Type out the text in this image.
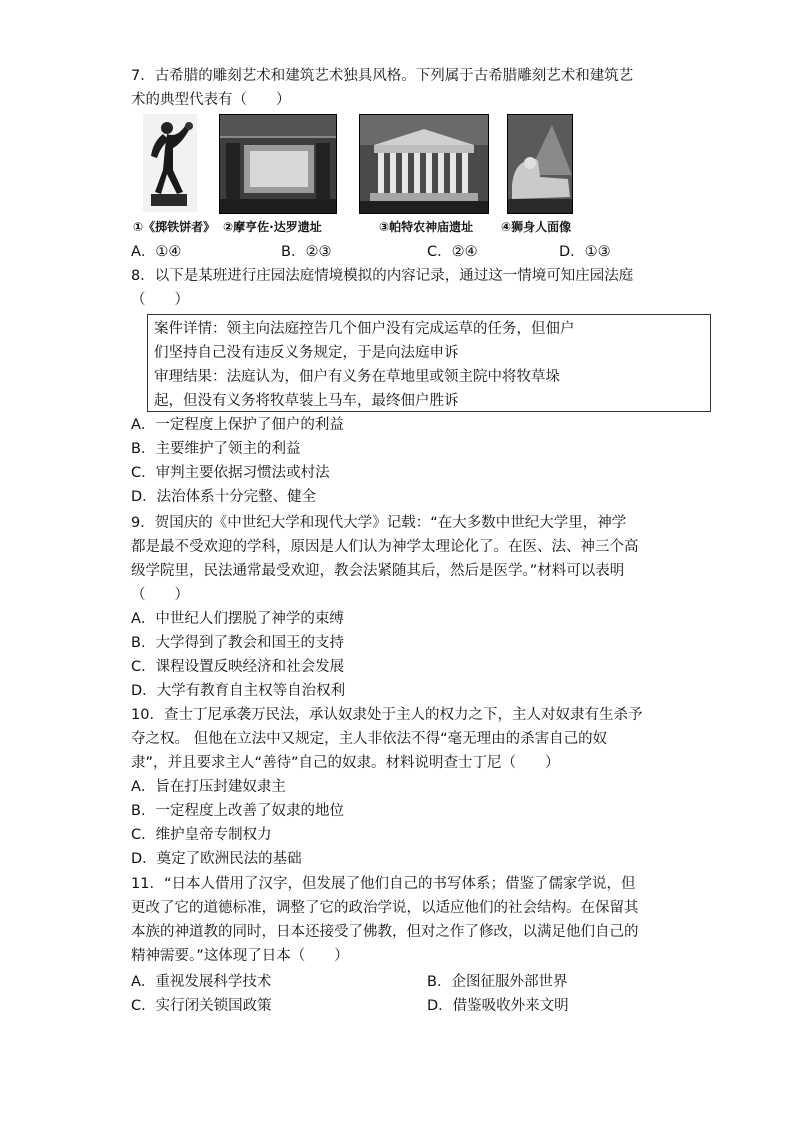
7．古希腊的雕刻艺术和建筑艺术独具风格。下列属于古希腊雕刻艺术和建筑艺
术的典型代表有（　　）
①《掷铁饼者》 ②摩亨佐·达罗遗址	③帕特农神庙遗址 ④狮身人面像
A．①④	B．②③	C．②④	D．①③
8．以下是某班进行庄园法庭情境模拟的内容记录，通过这一情境可知庄园法庭
（　　）
案件详情：领主向法庭控告几个佃户没有完成运草的任务，但佃户
们坚持自己没有违反义务规定，于是向法庭申诉
审理结果：法庭认为，佃户有义务在草地里或领主院中将牧草垛
起，但没有义务将牧草装上马车，最终佃户胜诉
A．一定程度上保护了佃户的利益
B．主要维护了领主的利益
C．审判主要依据习惯法或村法
D．法治体系十分完整、健全
9．贺国庆的《中世纪大学和现代大学》记载：“在大多数中世纪大学里，神学
都是最不受欢迎的学科，原因是人们认为神学太理论化了。在医、法、神三个高
级学院里，民法通常最受欢迎，教会法紧随其后，然后是医学。”材料可以表明
（　　）
A．中世纪人们摆脱了神学的束缚
B．大学得到了教会和国王的支持
C．课程设置反映经济和社会发展
D．大学有教育自主权等自治权利
10．查士丁尼承袭万民法，承认奴隶处于主人的权力之下，主人对奴隶有生杀予
夺之权。 但他在立法中又规定，主人非依法不得“毫无理由的杀害自己的奴
隶”，并且要求主人“善待”自己的奴隶。材料说明查士丁尼（　　）
A．旨在打压封建奴隶主
B．一定程度上改善了奴隶的地位
C．维护皇帝专制权力
D．奠定了欧洲民法的基础
11．“日本人借用了汉字，但发展了他们自己的书写体系；借鉴了儒家学说，但
更改了它的道德标准，调整了它的政治学说，以适应他们的社会结构。在保留其
本族的神道教的同时，日本还接受了佛教，但对之作了修改，以满足他们自己的
精神需要。”这体现了日本（　　）
A．重视发展科学技术	B．企图征服外部世界
C．实行闭关锁国政策	D．借鉴吸收外来文明
